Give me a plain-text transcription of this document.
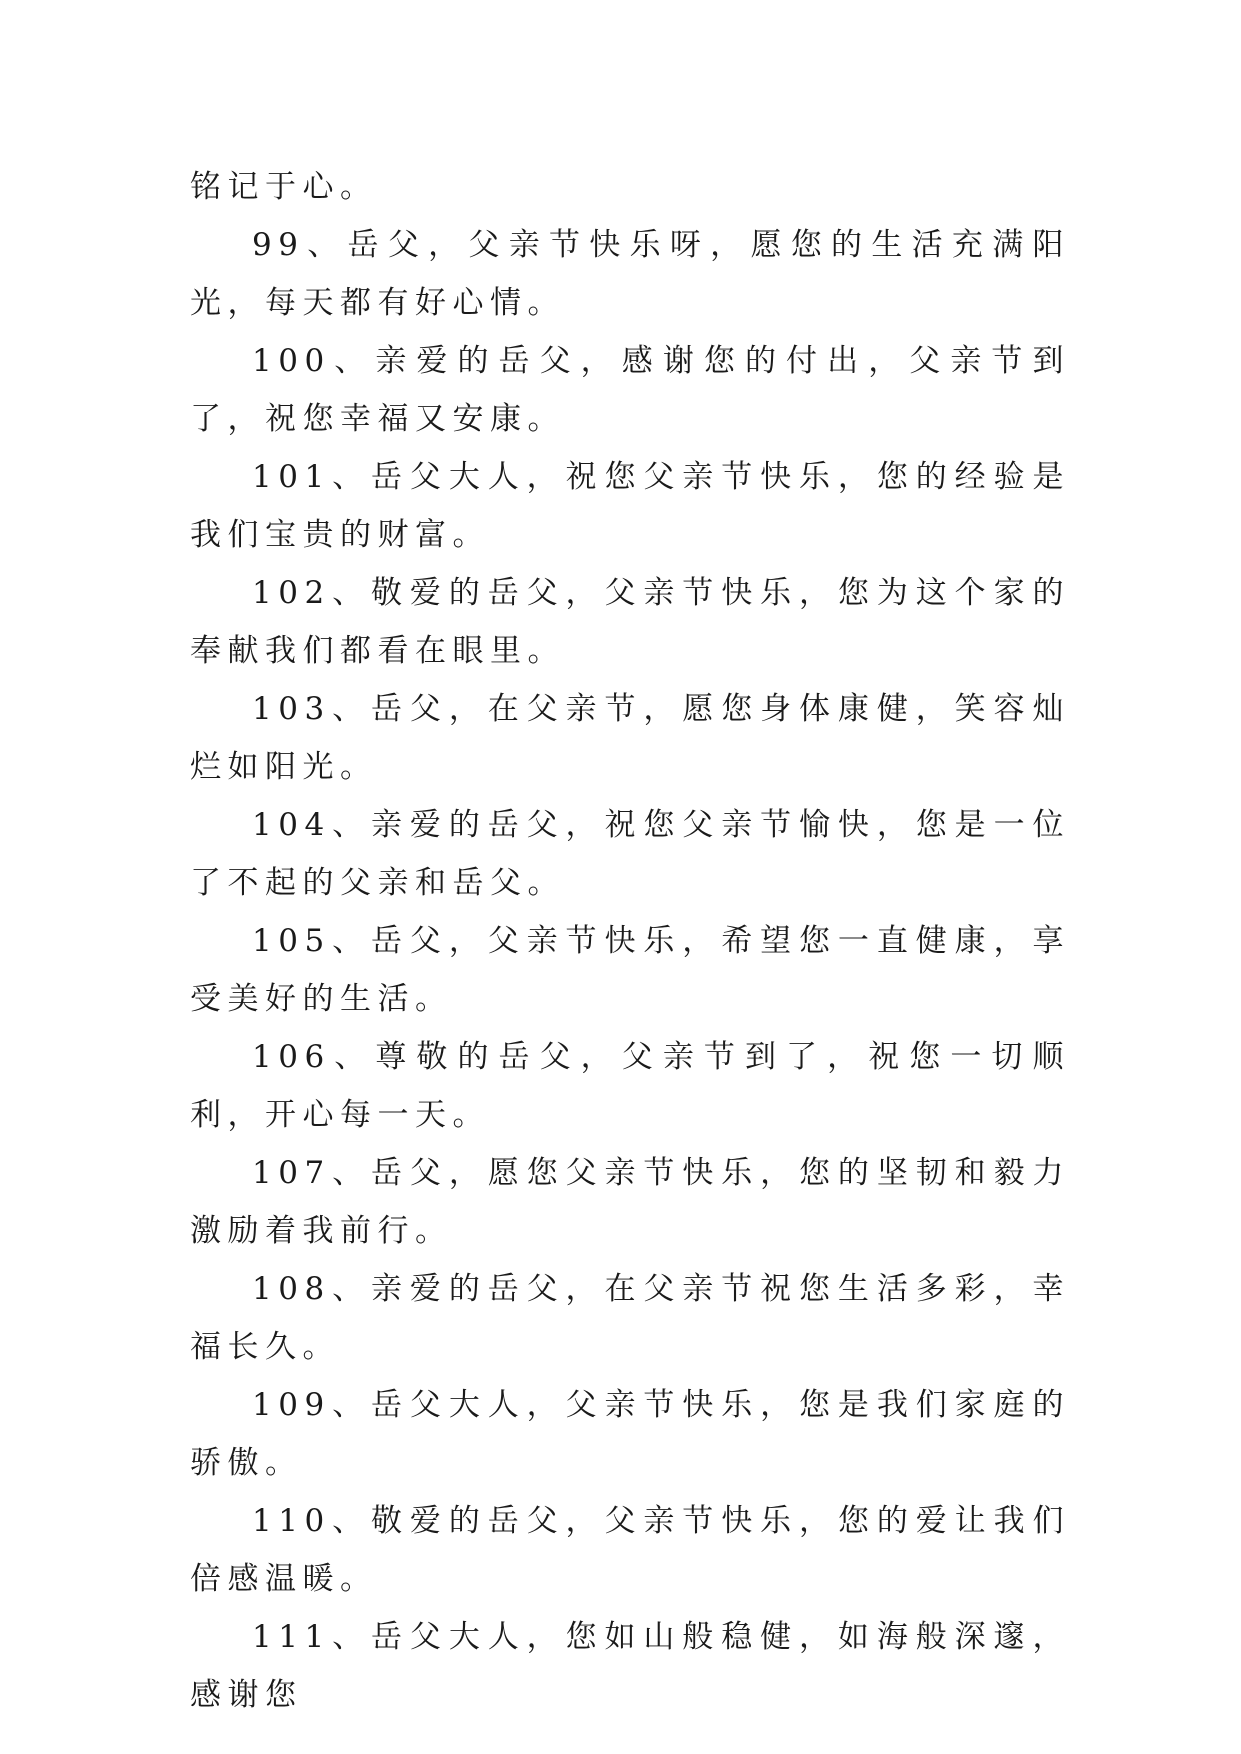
铭记于心。

99、岳父，父亲节快乐呀，愿您的生活充满阳光，每天都有好心情。

100、亲爱的岳父，感谢您的付出，父亲节到了，祝您幸福又安康。

101、岳父大人，祝您父亲节快乐，您的经验是我们宝贵的财富。

102、敬爱的岳父，父亲节快乐，您为这个家的奉献我们都看在眼里。

103、岳父，在父亲节，愿您身体康健，笑容灿烂如阳光。

104、亲爱的岳父，祝您父亲节愉快，您是一位了不起的父亲和岳父。

105、岳父，父亲节快乐，希望您一直健康，享受美好的生活。

106、尊敬的岳父，父亲节到了，祝您一切顺利，开心每一天。

107、岳父，愿您父亲节快乐，您的坚韧和毅力激励着我前行。

108、亲爱的岳父，在父亲节祝您生活多彩，幸福长久。

109、岳父大人，父亲节快乐，您是我们家庭的骄傲。

110、敬爱的岳父，父亲节快乐，您的爱让我们倍感温暖。

111、岳父大人，您如山般稳健，如海般深邃，感谢您
